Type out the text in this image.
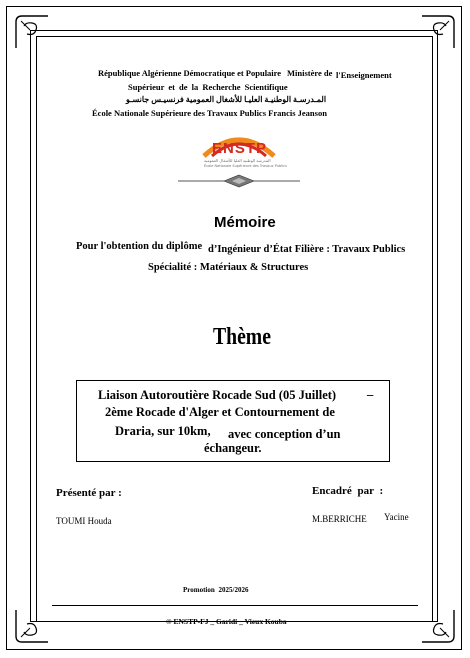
République Algérienne Démocratique et Populaire Ministère de l'Enseignement
Supérieur et de la Recherche Scientifique
المـدرسـة الوطنيـة العليـا للأشغال العمومية فرنسيـس جانسـو
École Nationale Supérieure des Travaux Publics Francis Jeanson
ENSTP
المدرسة الوطنية العليا للأشغال العمومية
École Nationale Supérieure des Travaux Publics
Mémoire
Pour l'obtention du diplôme d’Ingénieur d’État Filière : Travaux Publics
Spécialité : Matériaux & Structures
Thème
Liaison Autoroutière Rocade Sud (05 Juillet) _
2ème Rocade d'Alger et Contournement de
Draria, sur 10km, avec conception d’un
échangeur.
Présenté par :
TOUMI Houda
Encadré par :
M.BERRICHE Yacine
Promotion 2025/2026
© ENSTP-FJ _ Garidi _ Vieux Kouba
